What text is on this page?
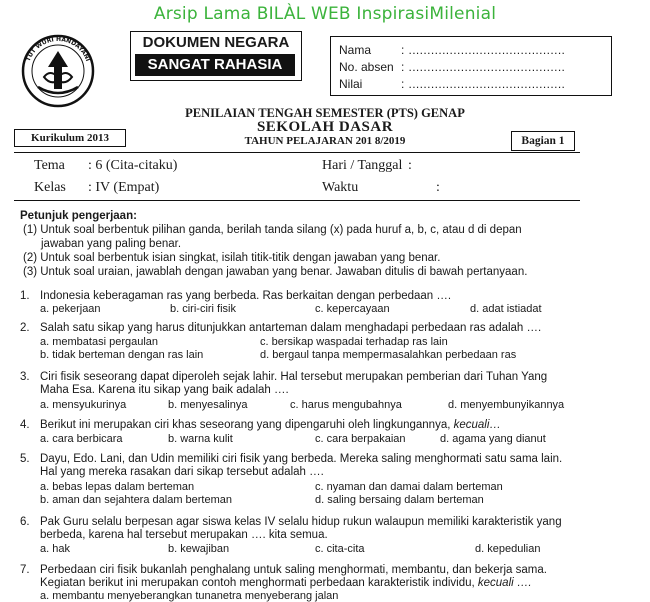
Arsip Lama BILÀL WEB InspirasiMilenial
TUT WURI HANDAYANI
DOKUMEN NEGARA
SANGAT RAHASIA
Nama : ..........................................
No. absen : ..........................................
Nilai	: ..........................................
PENILAIAN TENGAH SEMESTER (PTS) GENAP
SEKOLAH DASAR
TAHUN PELAJARAN 201 8/2019
Kurikulum 2013	Bagian 1
Tema : 6 (Cita-citaku)	Hari / Tanggal :
Kelas : IV (Empat)	Waktu	:
Petunjuk pengerjaan:
(1) Untuk soal berbentuk pilihan ganda, berilah tanda silang (x) pada huruf a, b, c, atau d di depan
jawaban yang paling benar.
(2) Untuk soal berbentuk isian singkat, isilah titik-titik dengan jawaban yang benar.
(3) Untuk soal uraian, jawablah dengan jawaban yang benar. Jawaban ditulis di bawah pertanyaan.
1. Indonesia keberagaman ras yang berbeda. Ras berkaitan dengan perbedaan ….
a. pekerjaan	b. ciri-ciri fisik	c. kepercayaan	d. adat istiadat
2. Salah satu sikap yang harus ditunjukkan antarteman dalam menghadapi perbedaan ras adalah ….
a. membatasi pergaulan	c. bersikap waspadai terhadap ras lain
b. tidak berteman dengan ras lain	d. bergaul tanpa mempermasalahkan perbedaan ras
3. Ciri fisik seseorang dapat diperoleh sejak lahir. Hal tersebut merupakan pemberian dari Tuhan Yang
Maha Esa. Karena itu sikap yang baik adalah ….
a. mensyukurinya	b. menyesalinya	c. harus mengubahnya	d. menyembunyikannya
4. Berikut ini merupakan ciri khas seseorang yang dipengaruhi oleh lingkungannya, kecuali…
a. cara berbicara	b. warna kulit	c. cara berpakaian	d. agama yang dianut
5. Dayu, Edo. Lani, dan Udin memiliki ciri fisik yang berbeda. Mereka saling menghormati satu sama lain.
Hal yang mereka rasakan dari sikap tersebut adalah ….
a. bebas lepas dalam berteman	c. nyaman dan damai dalam berteman
b. aman dan sejahtera dalam berteman	d. saling bersaing dalam berteman
6. Pak Guru selalu berpesan agar siswa kelas IV selalu hidup rukun walaupun memiliki karakteristik yang
berbeda, karena hal tersebut merupakan …. kita semua.
a. hak	b. kewajiban	c. cita-cita	d. kepedulian
7. Perbedaan ciri fisik bukanlah penghalang untuk saling menghormati, membantu, dan bekerja sama.
Kegiatan berikut ini merupakan contoh menghormati perbedaan karakteristik individu, kecuali ….
a. membantu menyeberangkan tunanetra menyeberang jalan
